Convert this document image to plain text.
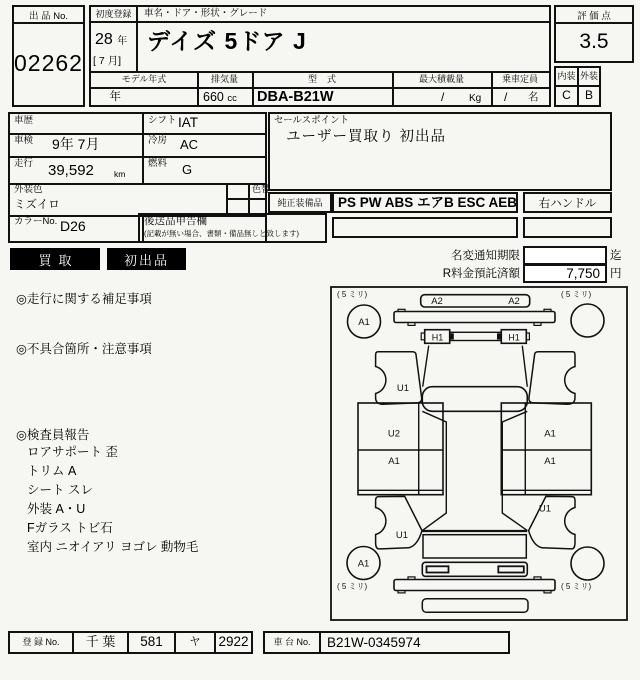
出 品 No.
02262
初度登録	車名・ドア・形状・グレード
28 年
[ 7 月]
デイズ 5ドア J
モデル年式	排気量	型    式	最大積載量	乗車定員
年	660 cc DBA-B21W	/ Kg / 名
評 価 点
3.5
内装 外装
C	B
車歴	シフト IAT
車検 9年 7月	冷房 AC
走行 39,592 km
燃料 G
外装色
ミズイロ
色替
カラーNo. D26	後送品申告欄
(記載が無い場合、書類・備品無しと致します)
セールスポイント
ユーザー買取り 初出品
純正装備品	PS PW ABS エアB ESC AEB	右ハンドル
買取	初出品	名変通知期限	迄
R料金預託済額	7,750 円
◎走行に関する補足事項
◎不具合箇所・注意事項
◎検査員報告
ロアサポート 歪
トリム A
シート スレ
外装 A・U
Fガラス トビ石
室内 ニオイアリ ヨゴレ 動物毛
( 5 ミリ)	( 5 ミリ)
( 5 ミリ)	( 5 ミリ)
A1
A1
A2	A2
H1	H1
U2
A1
A1
A1
U1
U1
U1
登 録 No.	千 葉	581	ヤ	2922	車 台 No.	B21W-0345974
